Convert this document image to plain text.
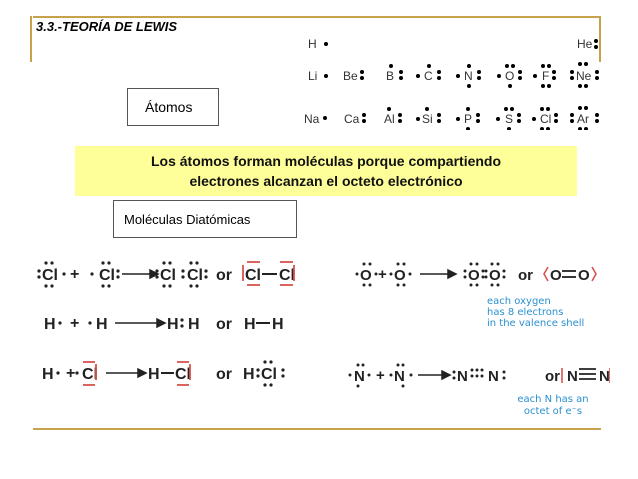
3.3.-TEORÍA DE LEWIS
Átomos
H	He
Li Be B C	N	O F Ne
Na Ca Al Si	P	S Cl Ar
Los átomos forman moléculas porque compartiendo
electrones alcanzan el octeto electrónico
Moléculas Diatómicas
Cl + Cl	Cl Cl or Cl Cl
H + H	H H or H H
H + Cl	H Cl or H Cl
O + O	O O or O O
N + N	N N	or N N
each oxygen
has 8 electrons
in the valence shell
each N has an
octet of e⁻s
